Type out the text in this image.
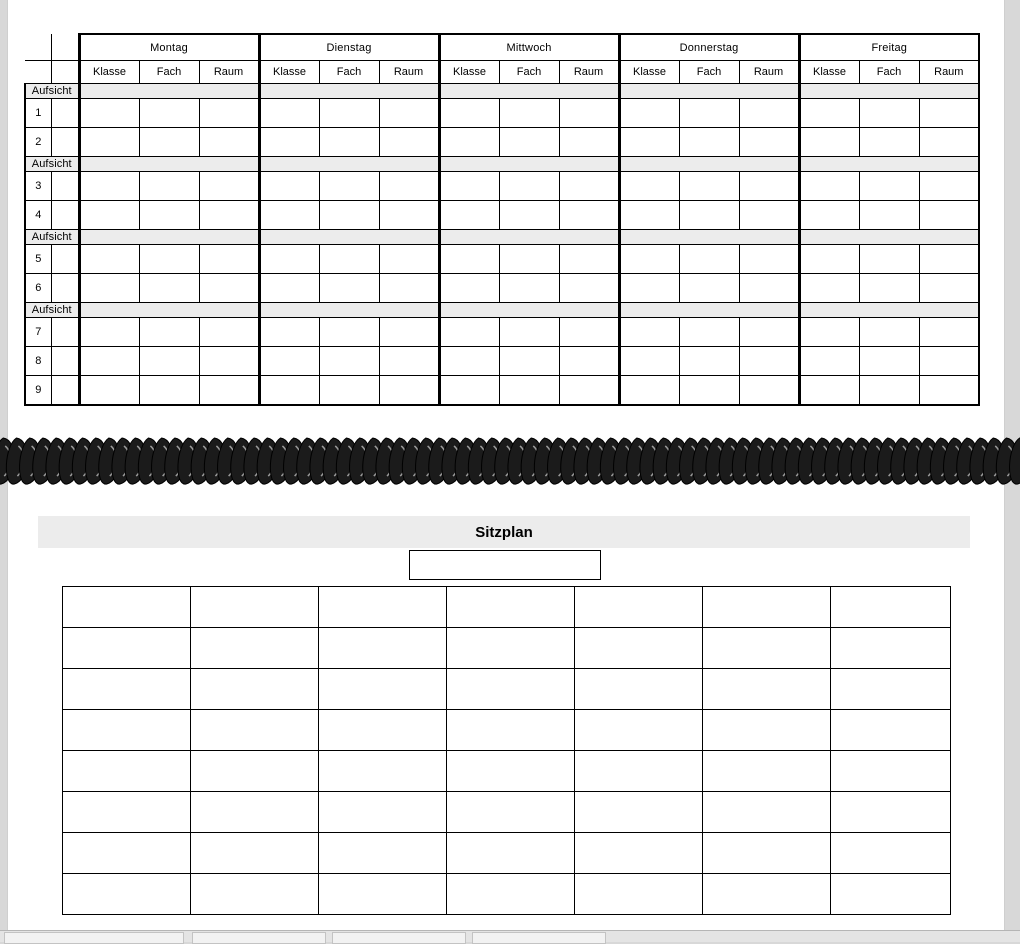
		Montag			Dienstag			Mittwoch			Donnerstag			Freitag		
		Klasse	Fach	Raum	Klasse	Fach	Raum	Klasse	Fach	Raum	Klasse	Fach	Raum	Klasse	Fach	Raum
Aufsicht																
1																
2																
Aufsicht																
3																
4																
Aufsicht																
5																
6																
Aufsicht																
7																
8																
9																
Sitzplan
